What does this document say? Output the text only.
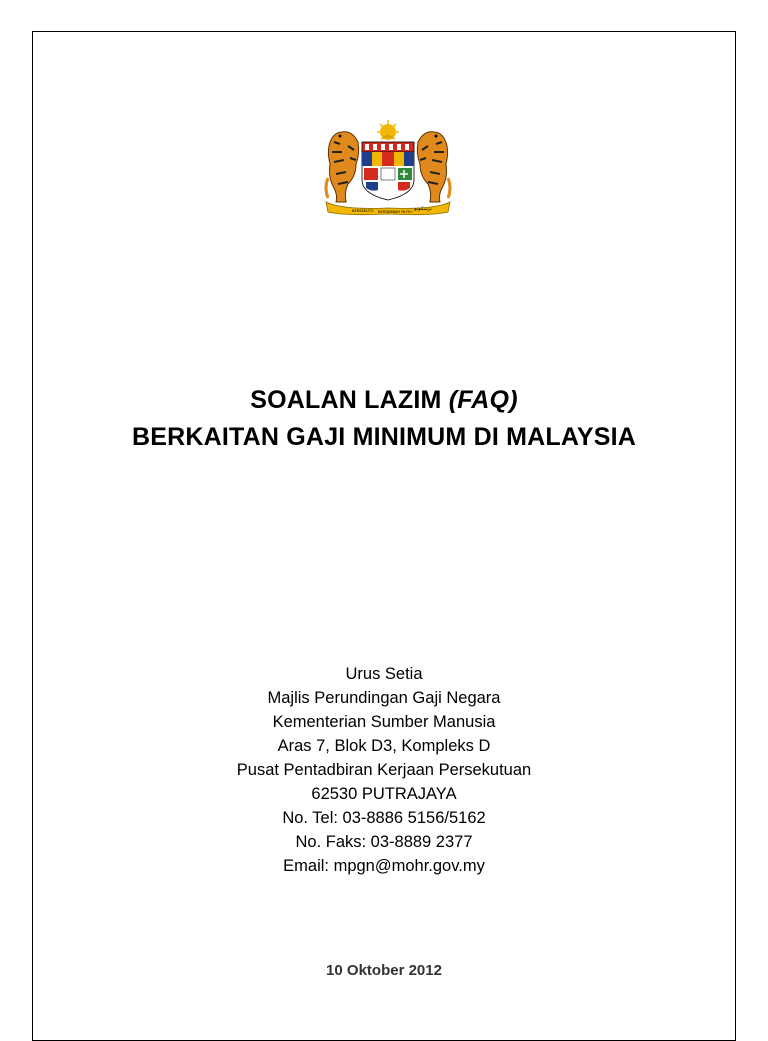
BERSEKUTU BERTAMBAH MUTU ﺑﺮﺳﻜﻮﺗﻮ
SOALAN LAZIM (FAQ)
BERKAITAN GAJI MINIMUM DI MALAYSIA
Urus Setia
Majlis Perundingan Gaji Negara
Kementerian Sumber Manusia
Aras 7, Blok D3, Kompleks D
Pusat Pentadbiran Kerjaan Persekutuan
62530 PUTRAJAYA
No. Tel: 03-8886 5156/5162
No. Faks: 03-8889 2377
Email: mpgn@mohr.gov.my
10 Oktober 2012
